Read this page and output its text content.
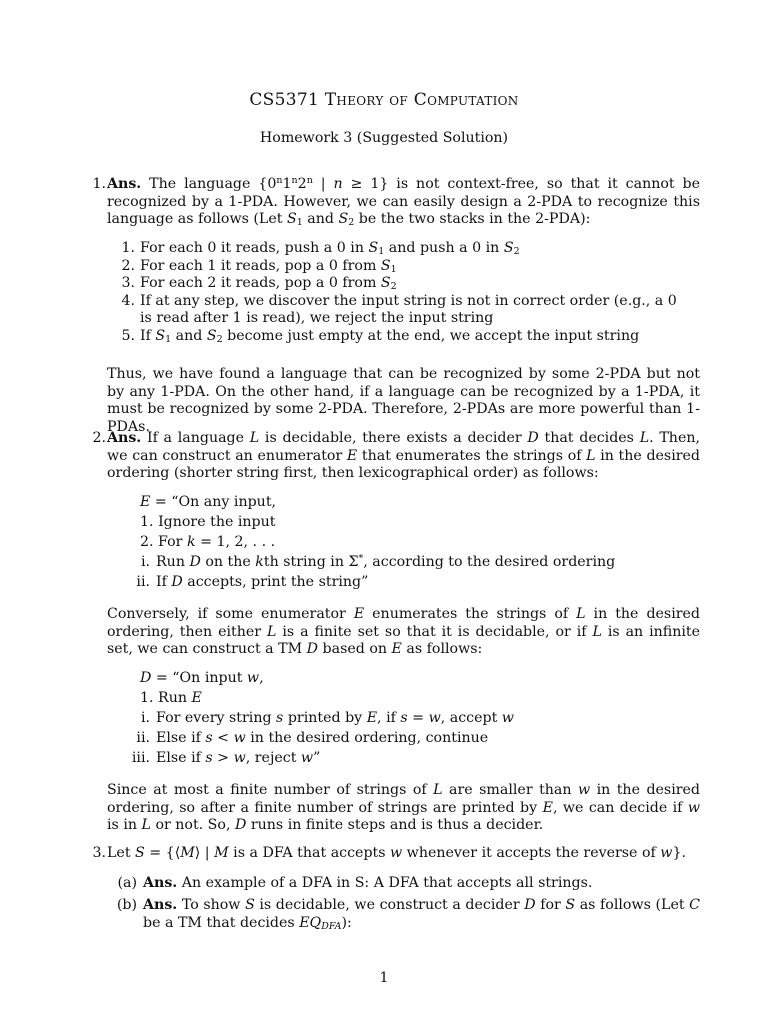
CS5371 Theory of Computation
Homework 3 (Suggested Solution)
1. Ans. The language {0$^n$1$^n$2$^n$ | n ≥ 1} is not context-free, so that it cannot be recognized by a 1-PDA. However, we can easily design a 2-PDA to recognize this language as follows (Let $S_1$ and $S_2$ be the two stacks in the 2-PDA):

1. For each 0 it reads, push a 0 in $S_1$ and push a 0 in $S_2$
2. For each 1 it reads, pop a 0 from $S_1$
3. For each 2 it reads, pop a 0 from $S_2$
4. If at any step, we discover the input string is not in correct order (e.g., a 0 is read after 1 is read), we reject the input string
5. If $S_1$ and $S_2$ become just empty at the end, we accept the input string

Thus, we have found a language that can be recognized by some 2-PDA but not by any 1-PDA. On the other hand, if a language can be recognized by a 1-PDA, it must be recognized by some 2-PDA. Therefore, 2-PDAs are more powerful than 1-PDAs.

2. Ans. If a language L is decidable, there exists a decider D that decides L. Then, we can construct an enumerator E that enumerates the strings of L in the desired ordering (shorter string first, then lexicographical order) as follows:

E = “On any input,
1. Ignore the input
2. For k = 1, 2, . . .
i. Run D on the kth string in Σ*, according to the desired ordering
ii. If D accepts, print the string”

Conversely, if some enumerator E enumerates the strings of L in the desired ordering, then either L is a finite set so that it is decidable, or if L is an infinite set, we can construct a TM D based on E as follows:

D = “On input w,
1. Run E
i. For every string s printed by E, if s = w, accept w
ii. Else if s < w in the desired ordering, continue
iii. Else if s > w, reject w”

Since at most a finite number of strings of L are smaller than w in the desired ordering, so after a finite number of strings are printed by E, we can decide if w is in L or not. So, D runs in finite steps and is thus a decider.

3. Let S = {⟨M⟩ | M is a DFA that accepts w whenever it accepts the reverse of w}.

(a) Ans. An example of a DFA in S: A DFA that accepts all strings.

(b) Ans. To show S is decidable, we construct a decider D for S as follows (Let C be a TM that decides $EQ_{DFA}$):

1
